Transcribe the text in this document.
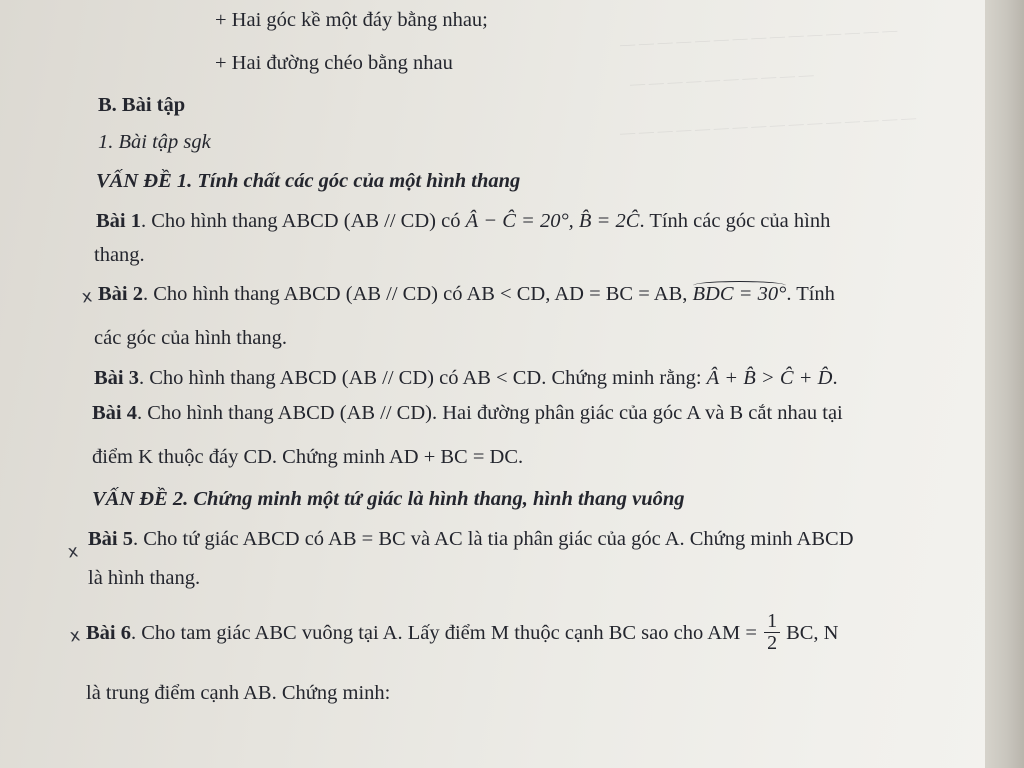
— — — — — — — — — — — — — — —
— — — — — — — — — —
— — — — — — — — — — — — — — — —
+ Hai góc kề một đáy bằng nhau;
+ Hai đường chéo bằng nhau
B. Bài tập
1. Bài tập sgk
VẤN ĐỀ 1. Tính chất các góc của một hình thang
Bài 1. Cho hình thang ABCD (AB // CD) có Â − Ĉ = 20°, B̂ = 2Ĉ. Tính các góc của hình
thang.
x Bài 2. Cho hình thang ABCD (AB // CD) có AB < CD, AD = BC = AB, BDC = 30°. Tính
các góc của hình thang.
Bài 3. Cho hình thang ABCD (AB // CD) có AB < CD. Chứng minh rằng: Â + B̂ > Ĉ + D̂.
Bài 4. Cho hình thang ABCD (AB // CD). Hai đường phân giác của góc A và B cắt nhau tại
điểm K thuộc đáy CD. Chứng minh AD + BC = DC.
VẤN ĐỀ 2. Chứng minh một tứ giác là hình thang, hình thang vuông
x
Bài 5. Cho tứ giác ABCD có AB = BC và AC là tia phân giác của góc A. Chứng minh ABCD
là hình thang.
x Bài 6. Cho tam giác ABC vuông tại A. Lấy điểm M thuộc cạnh BC sao cho AM = $\frac{1}{2}$ BC, N
là trung điểm cạnh AB. Chứng minh:
